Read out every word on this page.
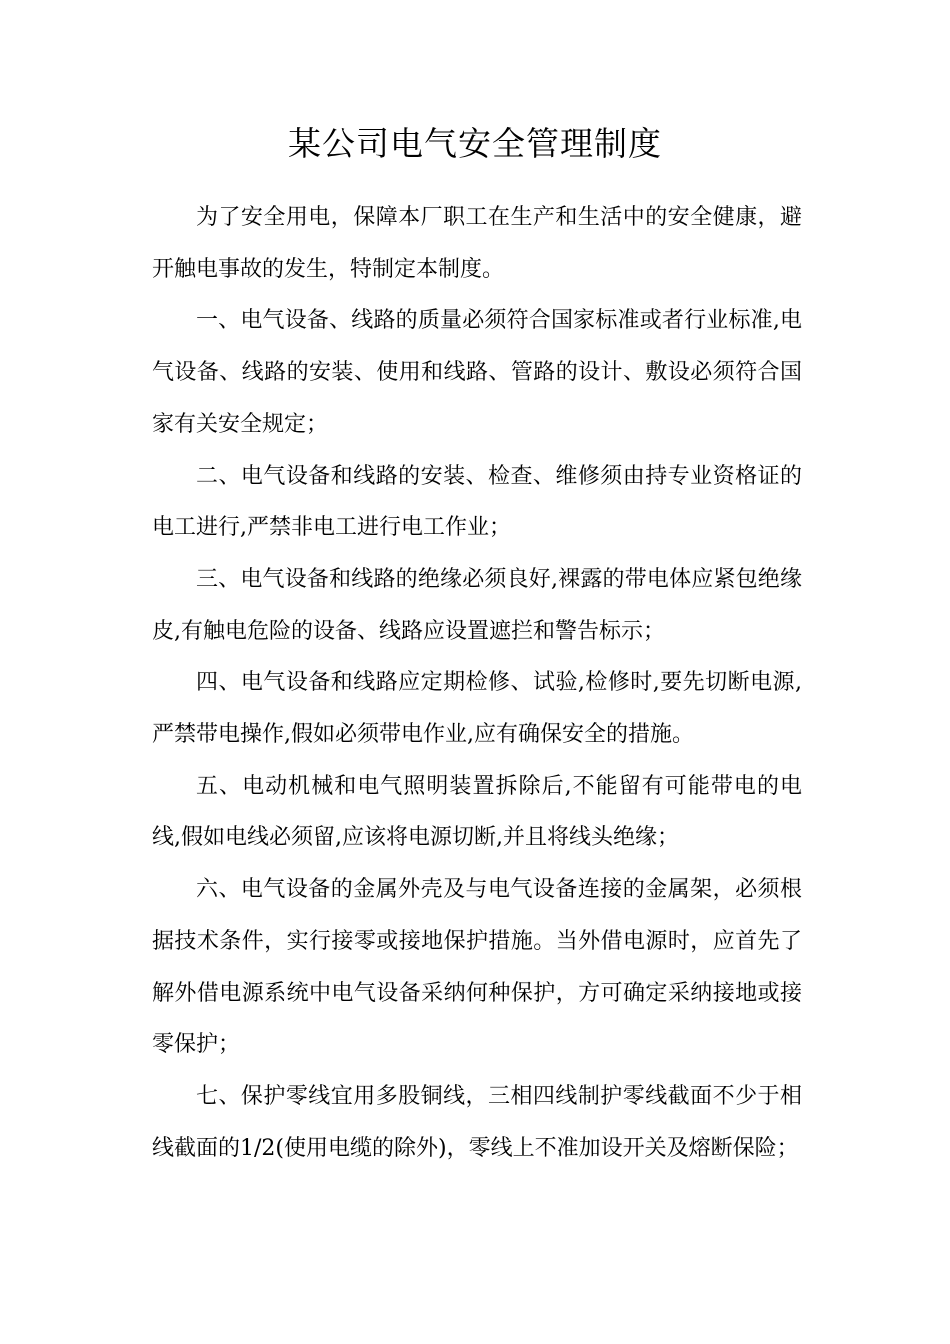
某公司电气安全管理制度

为了安全用电，保障本厂职工在生产和生活中的安全健康，避开触电事故的发生，特制定本制度。

一、电气设备、线路的质量必须符合国家标准或者行业标准,电气设备、线路的安装、使用和线路、管路的设计、敷设必须符合国家有关安全规定；

二、电气设备和线路的安装、检查、维修须由持专业资格证的电工进行,严禁非电工进行电工作业；

三、电气设备和线路的绝缘必须良好,裸露的带电体应紧包绝缘皮,有触电危险的设备、线路应设置遮拦和警告标示；

四、电气设备和线路应定期检修、试验,检修时,要先切断电源,严禁带电操作,假如必须带电作业,应有确保安全的措施。

五、电动机械和电气照明装置拆除后,不能留有可能带电的电线,假如电线必须留,应该将电源切断,并且将线头绝缘；

六、电气设备的金属外壳及与电气设备连接的金属架，必须根据技术条件，实行接零或接地保护措施。当外借电源时，应首先了解外借电源系统中电气设备采纳何种保护，方可确定采纳接地或接零保护；

七、保护零线宜用多股铜线，三相四线制护零线截面不少于相线截面的1/2(使用电缆的除外)，零线上不准加设开关及熔断保险；
